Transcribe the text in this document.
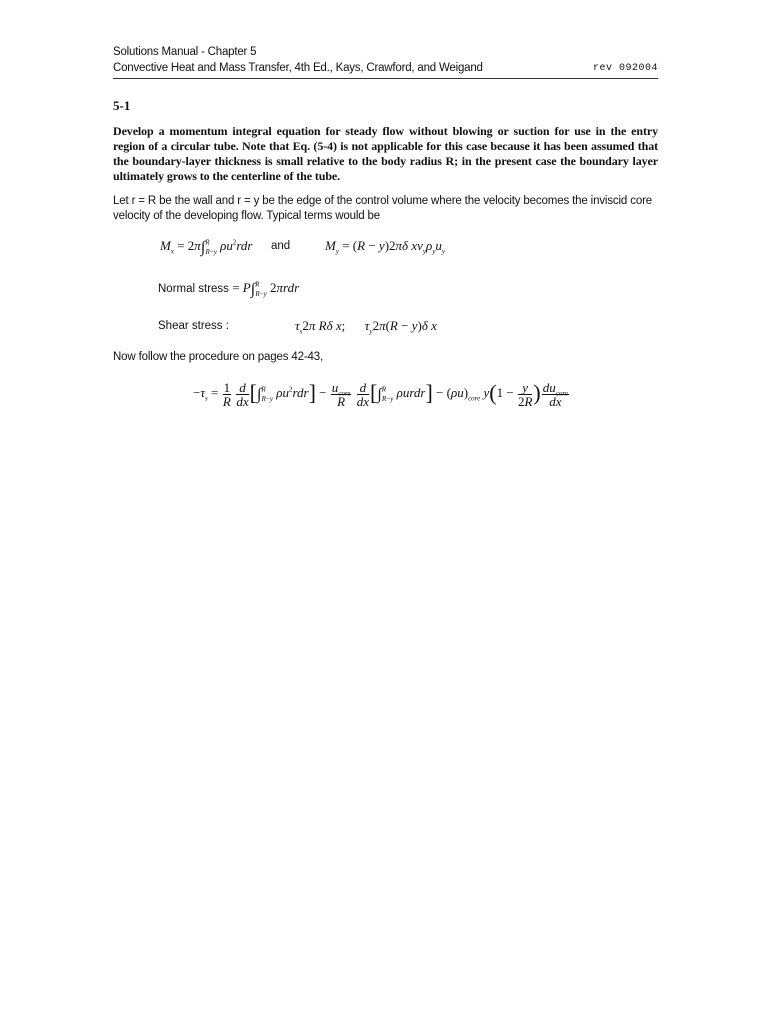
Solutions Manual - Chapter 5
Convective Heat and Mass Transfer, 4th Ed., Kays, Crawford, and Weigand	rev 092004
5-1
Develop a momentum integral equation for steady flow without blowing or suction for use in the entry region of a circular tube. Note that Eq. (5-4) is not applicable for this case because it has been assumed that the boundary-layer thickness is small relative to the body radius R; in the present case the boundary layer ultimately grows to the centerline of the tube.
Let r = R be the wall and r = y be the edge of the control volume where the velocity becomes the inviscid core velocity of the developing flow. Typical terms would be
$M_x = 2\pi\int^R_{R-y}$ $\rho u^2rdr$ and	$M_y = (R - y)2\pi\delta$ $xv_y\rho_yu_y$
Normal stress = P∫$^R_{R-y}$ 2πrdr
Shear stress :	$\tau_s2\pi$ Rδ x;      $\tau_y2\pi(R - y)\delta$ x
Now follow the procedure on pages 42-43,
$-\tau_s = \frac{1}{R}$
$\frac{d}{dx} [\int^R_{R-y}$ $\rho u^2rdr] - \frac{u_{core}}{R}$
$\frac{d}{dx} [\int^R_{R-y}$ ρurdr] − $(\rho u)_{core}$ $y(1 - \frac{y}{2R}$ ) $\frac{du_{core}}{dx}$
